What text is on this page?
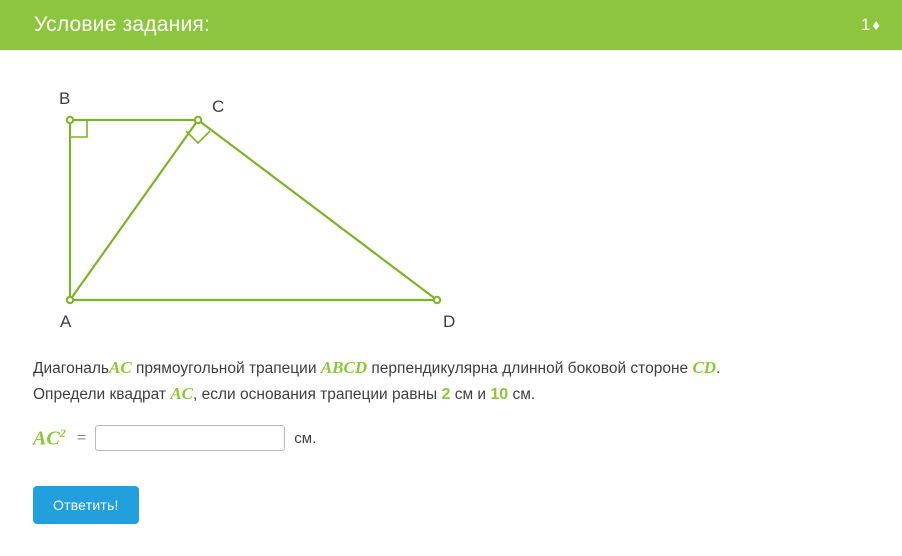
Условие задания:	1 ♦
B	C
A	D
ДиагональAC прямоугольной трапеции ABCD перпендикулярна длинной боковой стороне CD.
Определи квадрат AC, если основания трапеции равны 2 см и 10 см.
$AC^2$ =	см.
Ответить!
